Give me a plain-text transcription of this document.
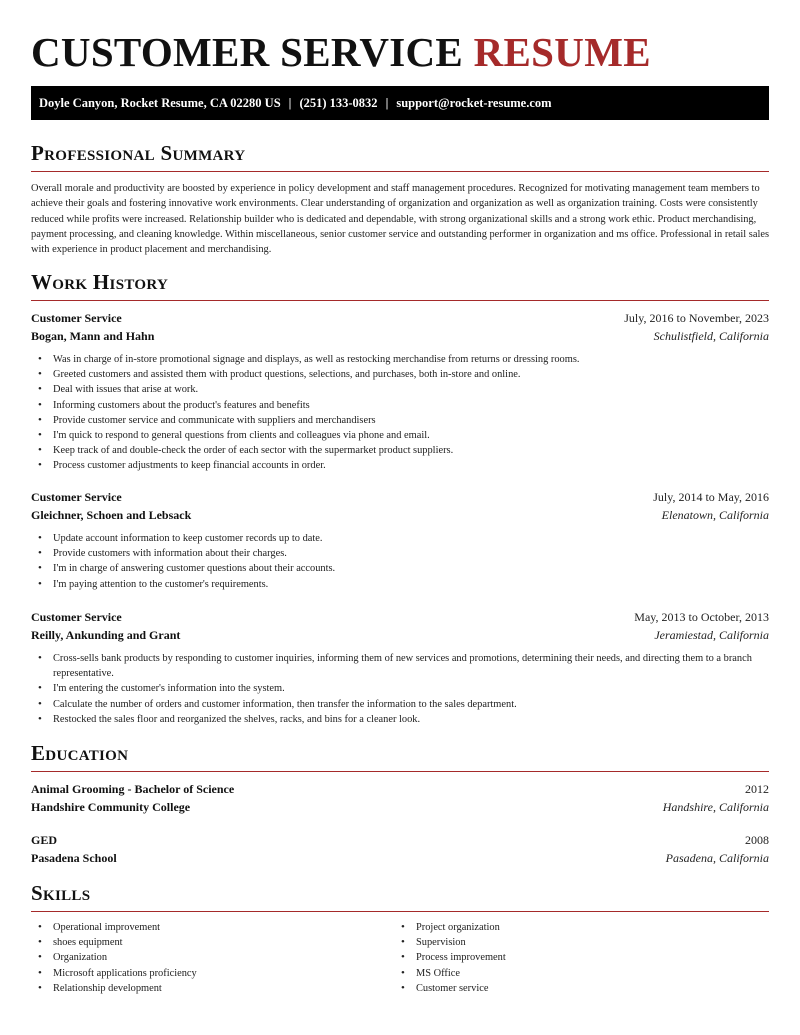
CUSTOMER SERVICE RESUME
Doyle Canyon, Rocket Resume, CA 02280 US | (251) 133-0832 | support@rocket-resume.com
Professional Summary
Overall morale and productivity are boosted by experience in policy development and staff management procedures. Recognized for motivating management team members to achieve their goals and fostering innovative work environments. Clear understanding of organization and organization as well as organization training. Costs were consistently reduced while profits were increased. Relationship builder who is dedicated and dependable, with strong organizational skills and a strong work ethic. Product merchandising, payment processing, and cleaning knowledge. Within miscellaneous, senior customer service and outstanding performer in organization and ms office. Professional in retail sales with experience in product placement and merchandising.
Work History
Customer Service	July, 2016 to November, 2023
Bogan, Mann and Hahn	Schulistfield, California
• Was in charge of in-store promotional signage and displays, as well as restocking merchandise from returns or dressing rooms.
• Greeted customers and assisted them with product questions, selections, and purchases, both in-store and online.
• Deal with issues that arise at work.
• Informing customers about the product's features and benefits
• Provide customer service and communicate with suppliers and merchandisers
• I'm quick to respond to general questions from clients and colleagues via phone and email.
• Keep track of and double-check the order of each sector with the supermarket product suppliers.
• Process customer adjustments to keep financial accounts in order.
Customer Service	July, 2014 to May, 2016
Gleichner, Schoen and Lebsack	Elenatown, California
• Update account information to keep customer records up to date.
• Provide customers with information about their charges.
• I'm in charge of answering customer questions about their accounts.
• I'm paying attention to the customer's requirements.
Customer Service	May, 2013 to October, 2013
Reilly, Ankunding and Grant	Jeramiestad, California
• Cross-sells bank products by responding to customer inquiries, informing them of new services and promotions, determining their needs, and directing them to a branch representative.
• I'm entering the customer's information into the system.
• Calculate the number of orders and customer information, then transfer the information to the sales department.
• Restocked the sales floor and reorganized the shelves, racks, and bins for a cleaner look.
Education
Animal Grooming - Bachelor of Science	2012
Handshire Community College	Handshire, California
GED	2008
Pasadena School	Pasadena, California
Skills
• Operational improvement
• shoes equipment
• Organization
• Microsoft applications proficiency
• Relationship development
• Project organization
• Supervision
• Process improvement
• MS Office
• Customer service
